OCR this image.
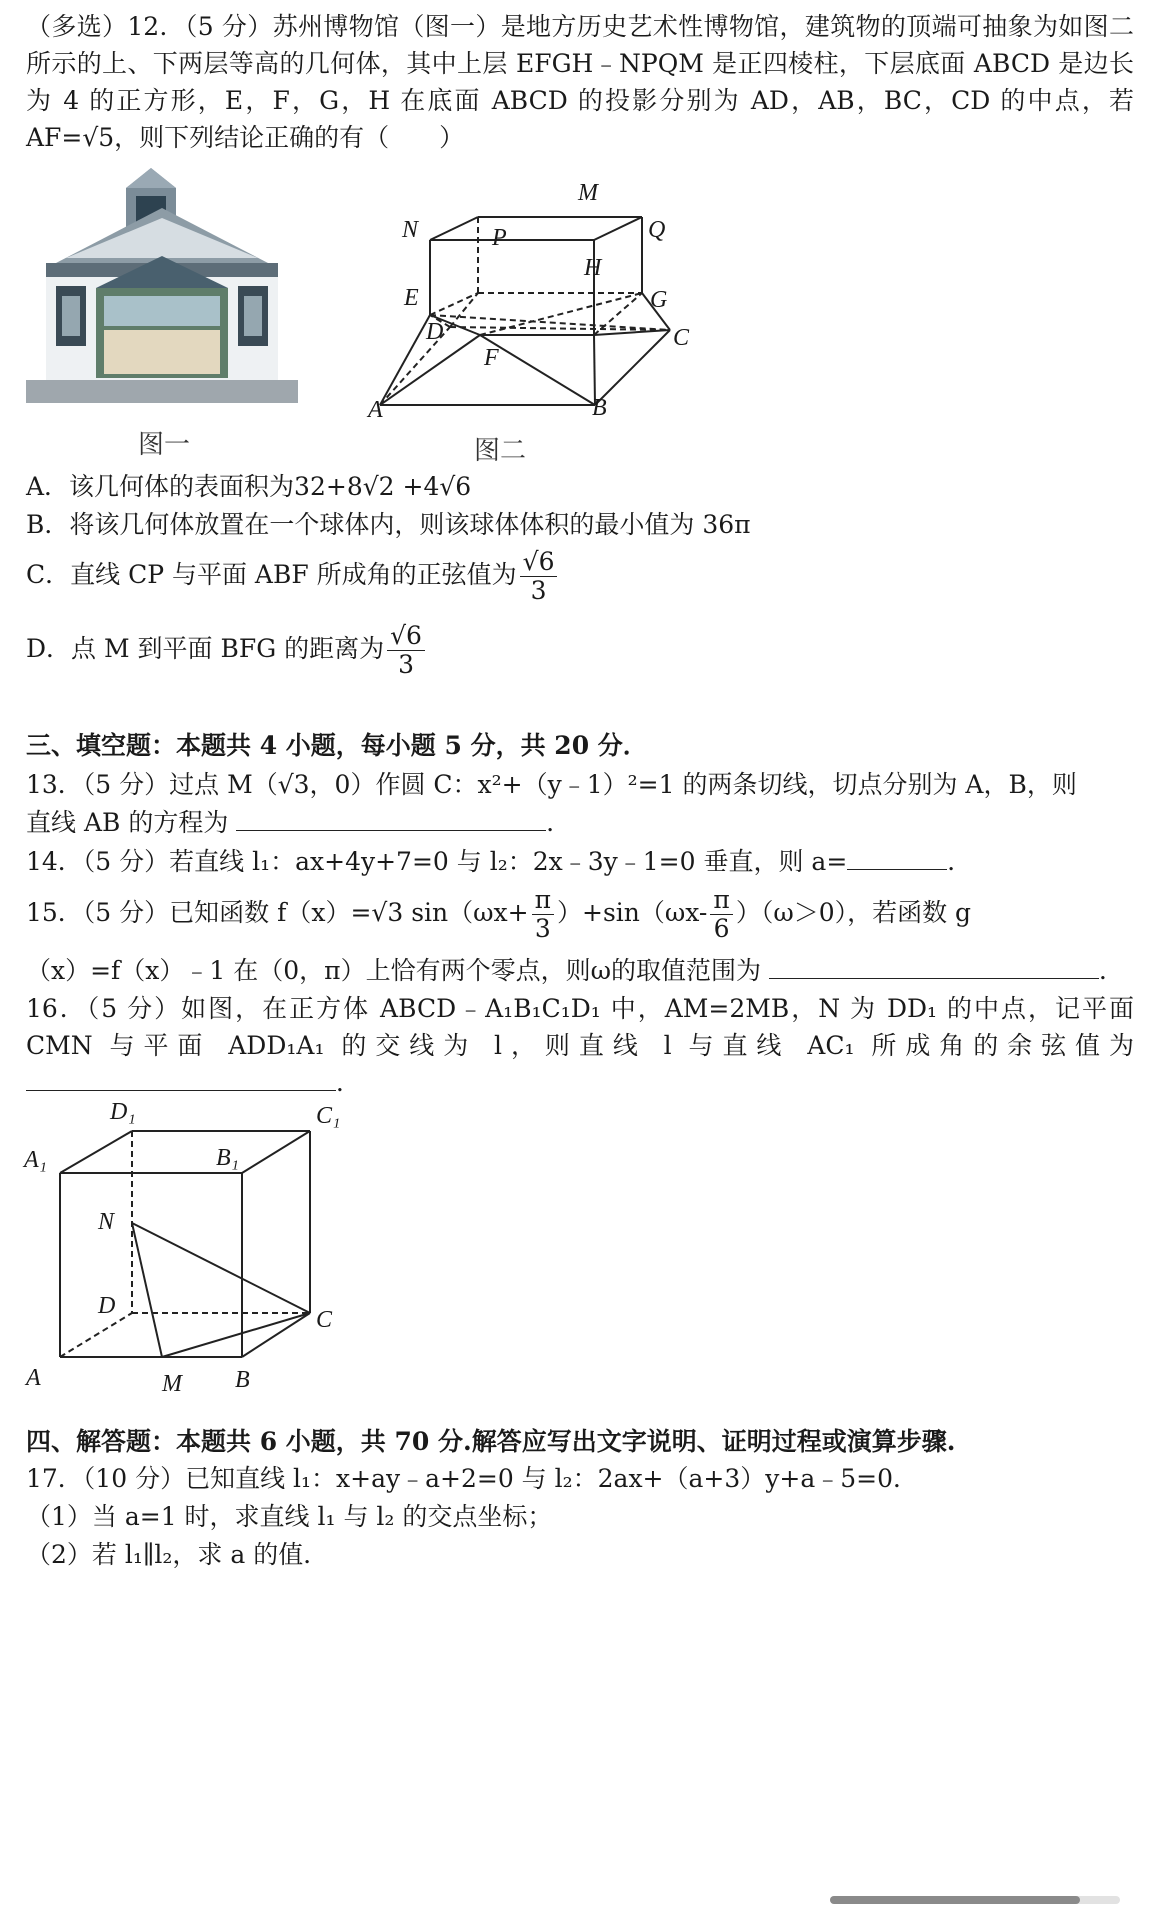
（多选）12．（5 分）苏州博物馆（图一）是地方历史艺术性博物馆，建筑物的顶端可抽象为如图二所示的上、下两层等高的几何体，其中上层 EFGH﹣NPQM 是正四棱柱，下层底面 ABCD 是边长为 4 的正方形，E，F，G，H 在底面 ABCD 的投影分别为 AD，AB，BC，CD 的中点，若 AF=√5，则下列结论正确的有（　　）
图一
M
N	P	Q
H
E	G
D	C
F
A	B
图二
A．该几何体的表面积为32+8√2 +4√6
B．将该几何体放置在一个球体内，则该球体体积的最小值为 36π
C．直线 CP 与平面 ABF 所成角的正弦值为 $\frac{√6}{3}$
D．点 M 到平面 BFG 的距离为 $\frac{√6}{3}$
三、填空题：本题共 4 小题，每小题 5 分，共 20 分．
13．（5 分）过点 M（√3，0）作圆 C：x²+（y﹣1）²=1 的两条切线，切点分别为 A，B，则
直线 AB 的方程为	．
14．（5 分）若直线 l₁：ax+4y+7=0 与 l₂：2x﹣3y﹣1=0 垂直，则 a=	．
15．（5 分）已知函数 f（x）=√3 $\sin(\omega x+ \frac{\pi}{3} )+\sin(\omega x- \frac{\pi}{6} )(\omega>0)$，若函数 g
（x）=f（x）﹣1 在（0，π）上恰有两个零点，则ω的取值范围为	．
16．（5 分）如图，在正方体 ABCD﹣A₁B₁C₁D₁ 中，AM=2MB，N 为 DD₁ 的中点，记平面 CMN 与平面 ADD₁A₁ 的交线为 l，则直线 l 与直线 AC₁ 所成角的余弦值为 ．
D₁	C₁
A₁	B₁
N
D
C
A	M B
四、解答题：本题共 6 小题，共 70 分.解答应写出文字说明、证明过程或演算步骤.
17．（10 分）已知直线 l₁：x+ay﹣a+2=0 与 l₂：2ax+（a+3）y+a﹣5=0．
（1）当 a=1 时，求直线 l₁ 与 l₂ 的交点坐标；
（2）若 l₁∥l₂，求 a 的值．
